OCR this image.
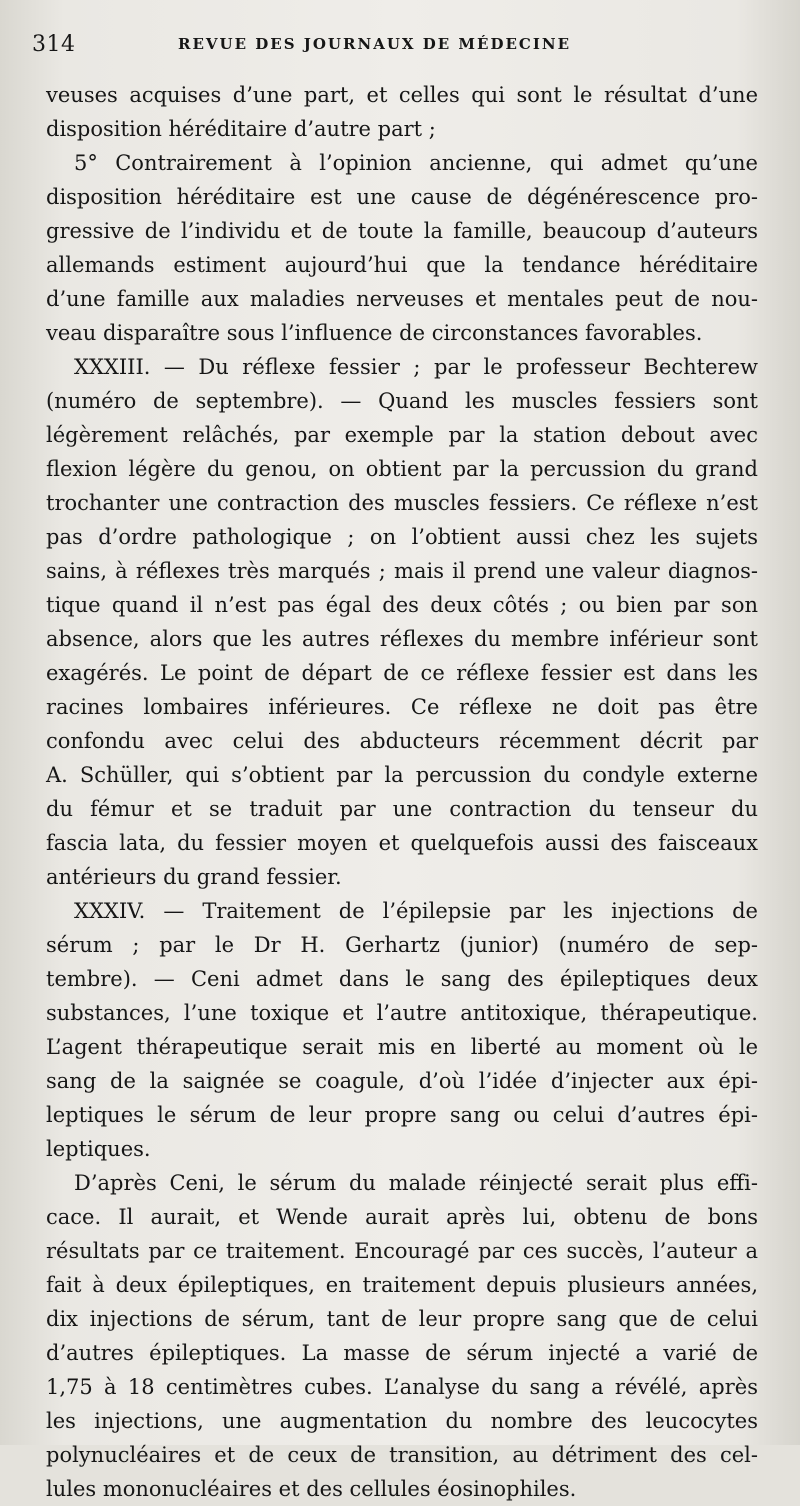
314	REVUE DES JOURNAUX DE MÉDECINE
veuses acquises d’une part, et celles qui sont le résultat d’une
disposition héréditaire d’autre part ;
5° Contrairement à l’opinion ancienne, qui admet qu’une
disposition héréditaire est une cause de dégénérescence pro-
gressive de l’individu et de toute la famille, beaucoup d’auteurs
allemands estiment aujourd’hui que la tendance héréditaire
d’une famille aux maladies nerveuses et mentales peut de nou-
veau disparaître sous l’influence de circonstances favorables.
XXXIII. — Du réflexe fessier ; par le professeur Bechterew
(numéro de septembre). — Quand les muscles fessiers sont
légèrement relâchés, par exemple par la station debout avec
flexion légère du genou, on obtient par la percussion du grand
trochanter une contraction des muscles fessiers. Ce réflexe n’est
pas d’ordre pathologique ; on l’obtient aussi chez les sujets
sains, à réflexes très marqués ; mais il prend une valeur diagnos-
tique quand il n’est pas égal des deux côtés ; ou bien par son
absence, alors que les autres réflexes du membre inférieur sont
exagérés. Le point de départ de ce réflexe fessier est dans les
racines lombaires inférieures. Ce réflexe ne doit pas être
confondu avec celui des abducteurs récemment décrit par
A. Schüller, qui s’obtient par la percussion du condyle externe
du fémur et se traduit par une contraction du tenseur du
fascia lata, du fessier moyen et quelquefois aussi des faisceaux
antérieurs du grand fessier.
XXXIV. — Traitement de l’épilepsie par les injections de
sérum ; par le Dr H. Gerhartz (junior) (numéro de sep-
tembre). — Ceni admet dans le sang des épileptiques deux
substances, l’une toxique et l’autre antitoxique, thérapeutique.
L’agent thérapeutique serait mis en liberté au moment où le
sang de la saignée se coagule, d’où l’idée d’injecter aux épi-
leptiques le sérum de leur propre sang ou celui d’autres épi-
leptiques.
D’après Ceni, le sérum du malade réinjecté serait plus effi-
cace. Il aurait, et Wende aurait après lui, obtenu de bons
résultats par ce traitement. Encouragé par ces succès, l’auteur a
fait à deux épileptiques, en traitement depuis plusieurs années,
dix injections de sérum, tant de leur propre sang que de celui
d’autres épileptiques. La masse de sérum injecté a varié de
1,75 à 18 centimètres cubes. L’analyse du sang a révélé, après
les injections, une augmentation du nombre des leucocytes
polynucléaires et de ceux de transition, au détriment des cel-
lules mononucléaires et des cellules éosinophiles.
